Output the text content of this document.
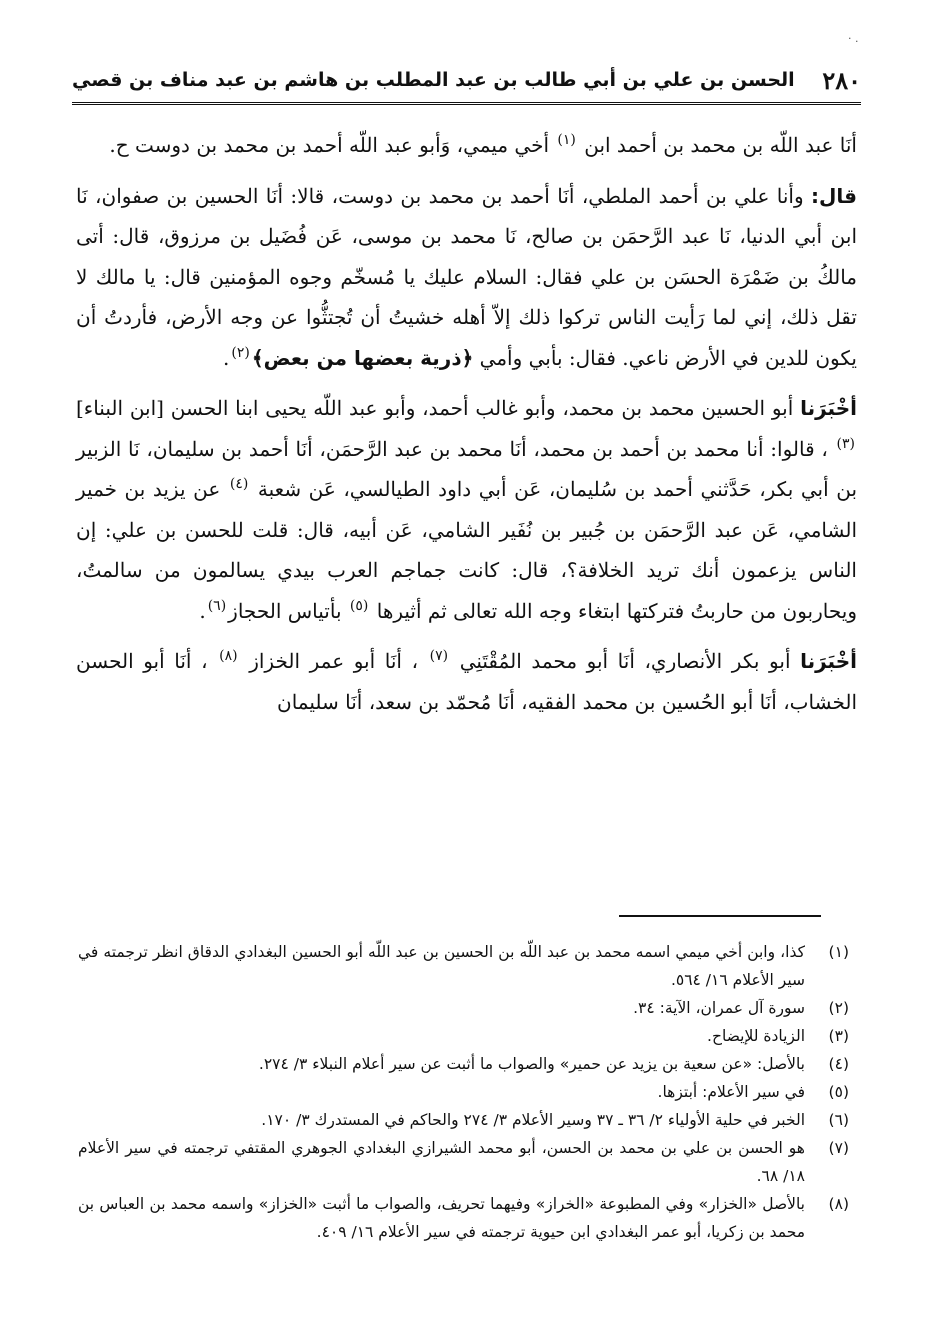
· .
٢٨٠
الحسن بن علي بن أبي طالب بن عبد المطلب بن هاشم بن عبد مناف بن قصي

أنَا عبد اللّه بن محمد بن أحمد ابن $^{(١)}$ أخي ميمي، وَأبو عبد اللّه أحمد بن محمد بن دوست ح.

قال: وأنا علي بن أحمد الملطي، أنَا أحمد بن محمد بن دوست، قالا: أنَا الحسين بن صفوان، نَا ابن أبي الدنيا، نَا عبد الرَّحمَن بن صالح، نَا محمد بن موسى، عَن فُضَيل بن مرزوق، قال: أتى مالكُ بن ضَمْرَة الحسَن بن علي فقال: السلام عليك يا مُسخّم وجوه المؤمنين قال: يا مالك لا تقل ذلك، إني لما رَأيت الناس تركوا ذلك إلاّ أهله خشيتُ أن تُجتثُّوا عن وجه الأرض، فأردتُ أن يكون للدين في الأرض ناعي. فقال: بأبي وأمي ﴿ذرية بعضها من بعض﴾$^{(٢)}$.

أخْبَرَنا أبو الحسين محمد بن محمد، وأبو غالب أحمد، وأبو عبد اللّه يحيى ابنا الحسن [ابن البناء] $^{(٣)}$ ، قالوا: أنا محمد بن أحمد بن محمد، أنَا محمد بن عبد الرَّحمَن، أنَا أحمد بن سليمان، نَا الزبير بن أبي بكر، حَدَّثني أحمد بن سُليمان، عَن أبي داود الطيالسي، عَن شعبة $^{(٤)}$ عن يزيد بن خمير الشامي، عَن عبد الرَّحمَن بن جُبير بن نُفَير الشامي، عَن أبيه، قال: قلت للحسن بن علي: إن الناس يزعمون أنك تريد الخلافة؟، قال: كانت جماجم العرب بيدي يسالمون من سالمتُ، ويحاربون من حاربتُ فتركتها ابتغاء وجه الله تعالى ثم أثيرها $^{(٥)}$ بأتياس الحجاز$^{(٦)}$.

أخْبَرَنا أبو بكر الأنصاري، أنَا أبو محمد المُقْتَنِي $^{(٧)}$ ، أنَا أبو عمر الخزاز $^{(٨)}$ ، أنَا أبو الحسن الخشاب، أنَا أبو الحُسين بن محمد الفقيه، أنَا مُحمّد بن سعد، أنَا سليمان

(١)
كذا، وابن أخي ميمي اسمه محمد بن عبد اللّه بن الحسين بن عبد اللّه أبو الحسين البغدادي الدقاق انظر ترجمته في سير الأعلام ١٦/ ٥٦٤.
(٢)
سورة آل عمران، الآية: ٣٤.
(٣)
الزيادة للإيضاح.
(٤)
بالأصل: «عن سعية بن يزيد عن حمير» والصواب ما أثبت عن سير أعلام النبلاء ٣/ ٢٧٤.
(٥)
في سير الأعلام: أبتزها.
(٦)
الخبر في حلية الأولياء ٢/ ٣٦ ـ ٣٧ وسير الأعلام ٣/ ٢٧٤ والحاكم في المستدرك ٣/ ١٧٠.
(٧)
هو الحسن بن علي بن محمد بن الحسن، أبو محمد الشيرازي البغدادي الجوهري المقتفي ترجمته في سير الأعلام ١٨/ ٦٨.
(٨)
بالأصل «الخزار» وفي المطبوعة «الخراز» وفيهما تحريف، والصواب ما أثبت «الخزاز» واسمه محمد بن العباس بن محمد بن زكريا، أبو عمر البغدادي ابن حيوية ترجمته في سير الأعلام ١٦/ ٤٠٩.
